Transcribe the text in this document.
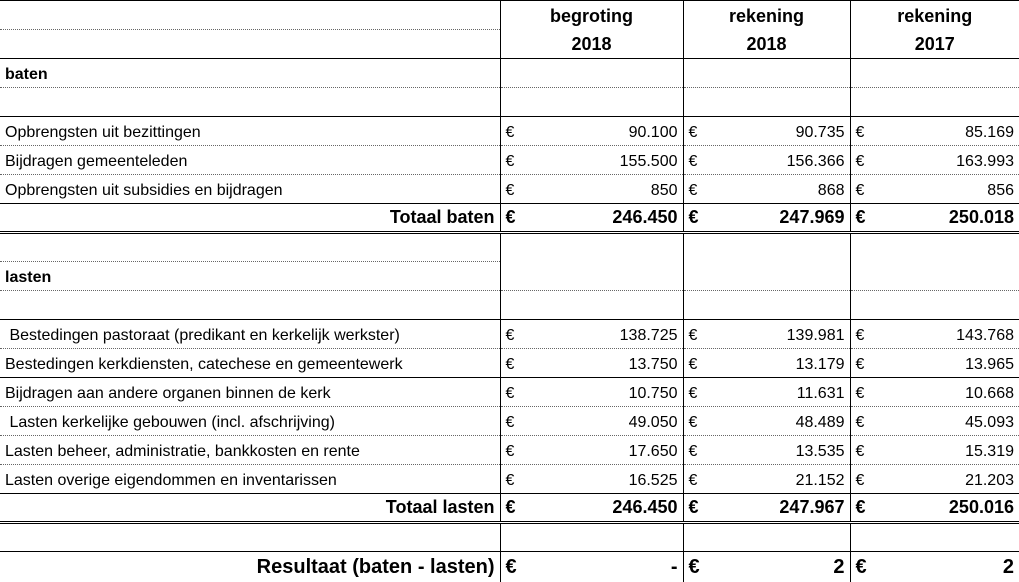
	begroting	rekening	rekening
	2018	2018	2017
baten			

Opbrengsten uit bezittingen	€ 90.100	€ 90.735	€ 85.169

Bijdragen gemeenteleden	€ 155.500	€ 156.366	€ 163.993

Opbrengsten uit subsidies en bijdragen	€ 850	€ 868	€ 856

Totaal baten	€ 246.450	€ 247.969	€ 250.018

lasten			

Bestedingen pastoraat (predikant en kerkelijk werkster)	€ 138.725	€ 139.981	€ 143.768

Bestedingen kerkdiensten, catechese en gemeentewerk	€ 13.750	€ 13.179	€ 13.965

Bijdragen aan andere organen binnen de kerk	€ 10.750	€ 11.631	€ 10.668

Lasten kerkelijke gebouwen (incl. afschrijving)	€ 49.050	€ 48.489	€ 45.093

Lasten beheer, administratie, bankkosten en rente	€ 17.650	€ 13.535	€ 15.319

Lasten overige eigendommen en inventarissen	€ 16.525	€ 21.152	€ 21.203

Totaal lasten	€ 246.450	€ 247.967	€ 250.016

Resultaat (baten - lasten)	€ -	€ 2	€ 2
